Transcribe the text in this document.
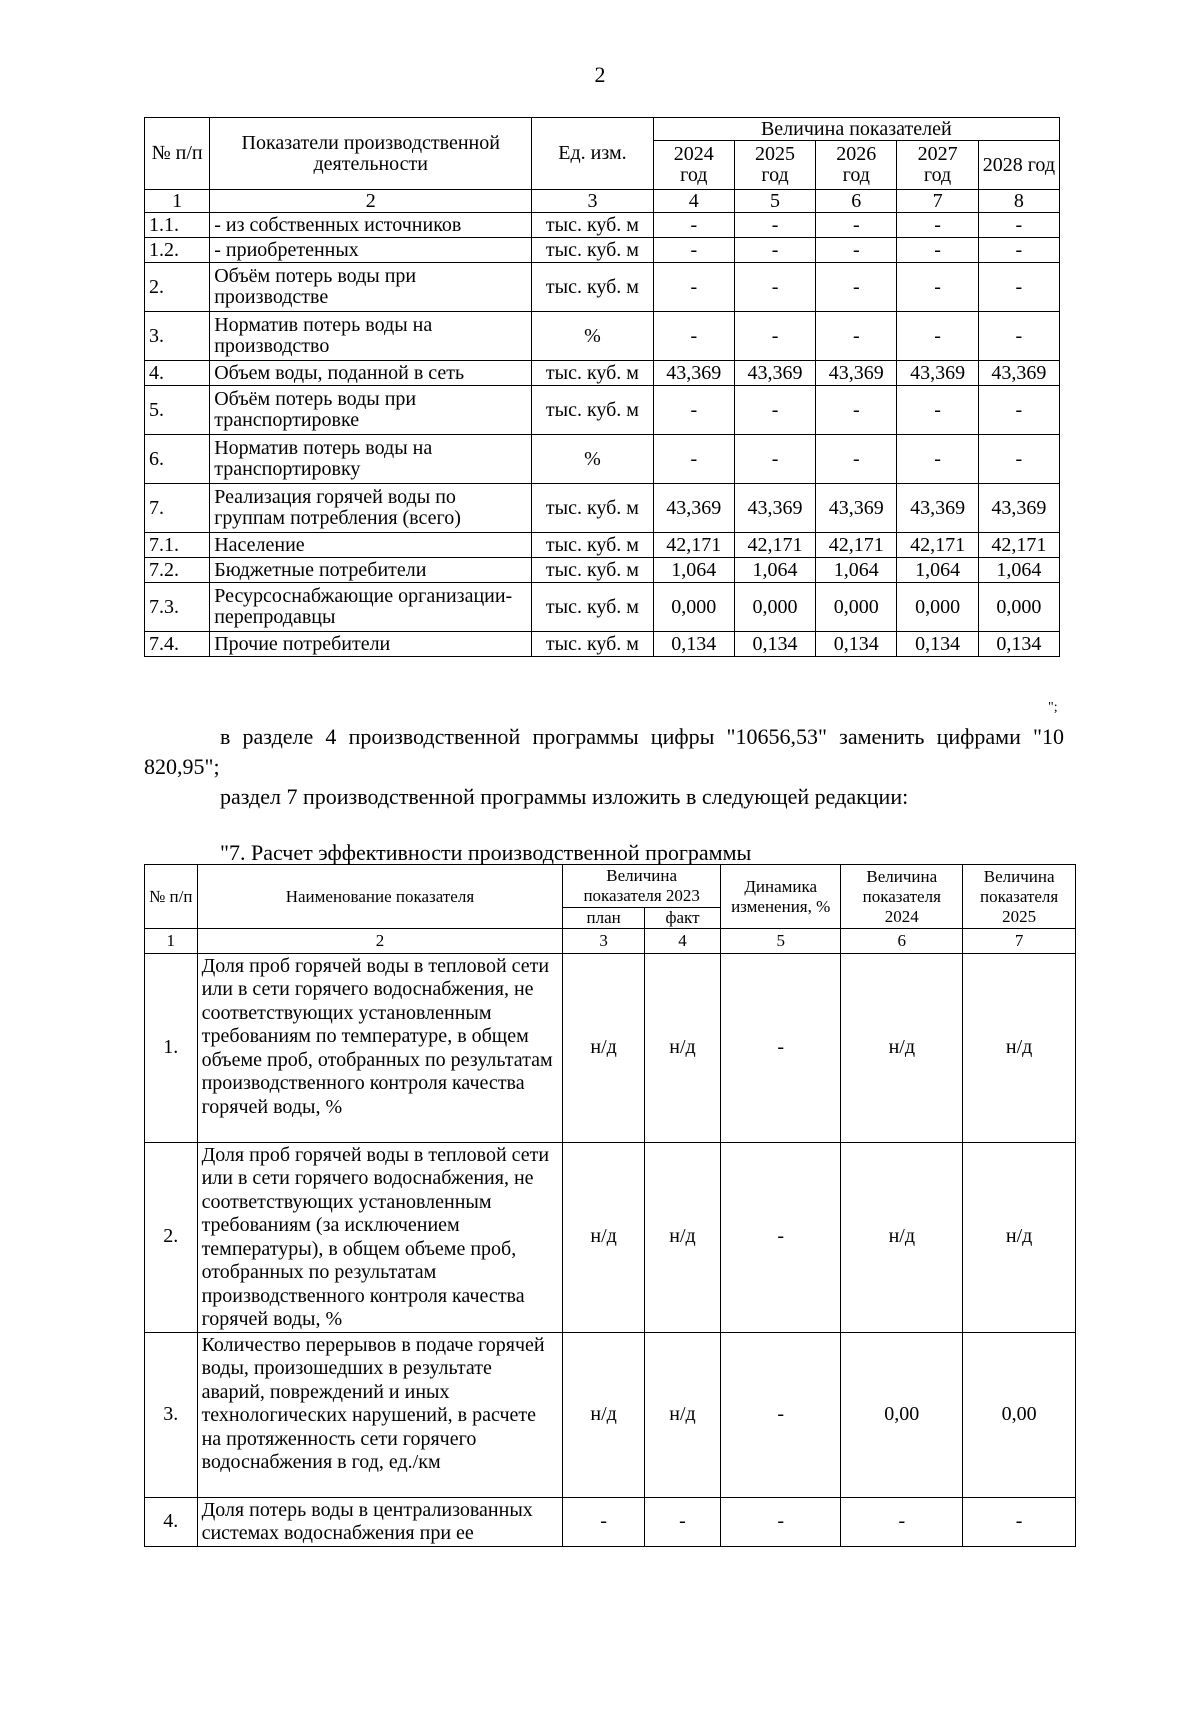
2
№ п/п	Показатели производственной деятельности	Ед. изм.	Величина показателей				
			2024 год	2025 год	2026 год	2027 год	2028 год
1	2	3	4	5	6	7	8
1.1.	- из собственных источников	тыс. куб. м	-	-	-	-	-
1.2.	- приобретенных	тыс. куб. м	-	-	-	-	-
2.	Объём потерь воды при производстве	тыс. куб. м	-	-	-	-	-
3.	Норматив потерь воды на производство	%	-	-	-	-	-
4.	Объем воды, поданной в сеть	тыс. куб. м	43,369	43,369	43,369	43,369	43,369
5.	Объём потерь воды при транспортировке	тыс. куб. м	-	-	-	-	-
6.	Норматив потерь воды на транспортировку	%	-	-	-	-	-
7.	Реализация горячей воды по группам потребления (всего)	тыс. куб. м	43,369	43,369	43,369	43,369	43,369
7.1.	Население	тыс. куб. м	42,171	42,171	42,171	42,171	42,171
7.2.	Бюджетные потребители	тыс. куб. м	1,064	1,064	1,064	1,064	1,064
7.3.	Ресурсоснабжающие организации-перепродавцы	тыс. куб. м	0,000	0,000	0,000	0,000	0,000
7.4.	Прочие потребители	тыс. куб. м	0,134	0,134	0,134	0,134	0,134
";
в разделе 4 производственной программы цифры "10656,53" заменить цифрами "10 820,95";
раздел 7 производственной программы изложить в следующей редакции:
"7. Расчет эффективности производственной программы
№ п/п	Наименование показателя	Величина показателя 2023		Динамика изменения, %	Величина показателя 2024	Величина показателя 2025
		план	факт			
1	2	3	4	5	6	7
1.	Доля проб горячей воды в тепловой сети или в сети горячего водоснабжения, не соответствующих установленным требованиям по температуре, в общем объеме проб, отобранных по результатам производственного контроля качества горячей воды, %	н/д	н/д	-	н/д	н/д
2.	Доля проб горячей воды в тепловой сети или в сети горячего водоснабжения, не соответствующих установленным требованиям (за исключением температуры), в общем объеме проб, отобранных по результатам производственного контроля качества горячей воды, %	н/д	н/д	-	н/д	н/д
3.	Количество перерывов в подаче горячей воды, произошедших в результате аварий, повреждений и иных технологических нарушений, в расчете на протяженность сети горячего водоснабжения в год, ед./км	н/д	н/д	-	0,00	0,00
4.	Доля потерь воды в централизованных системах водоснабжения при ее	-	-	-	-	-
